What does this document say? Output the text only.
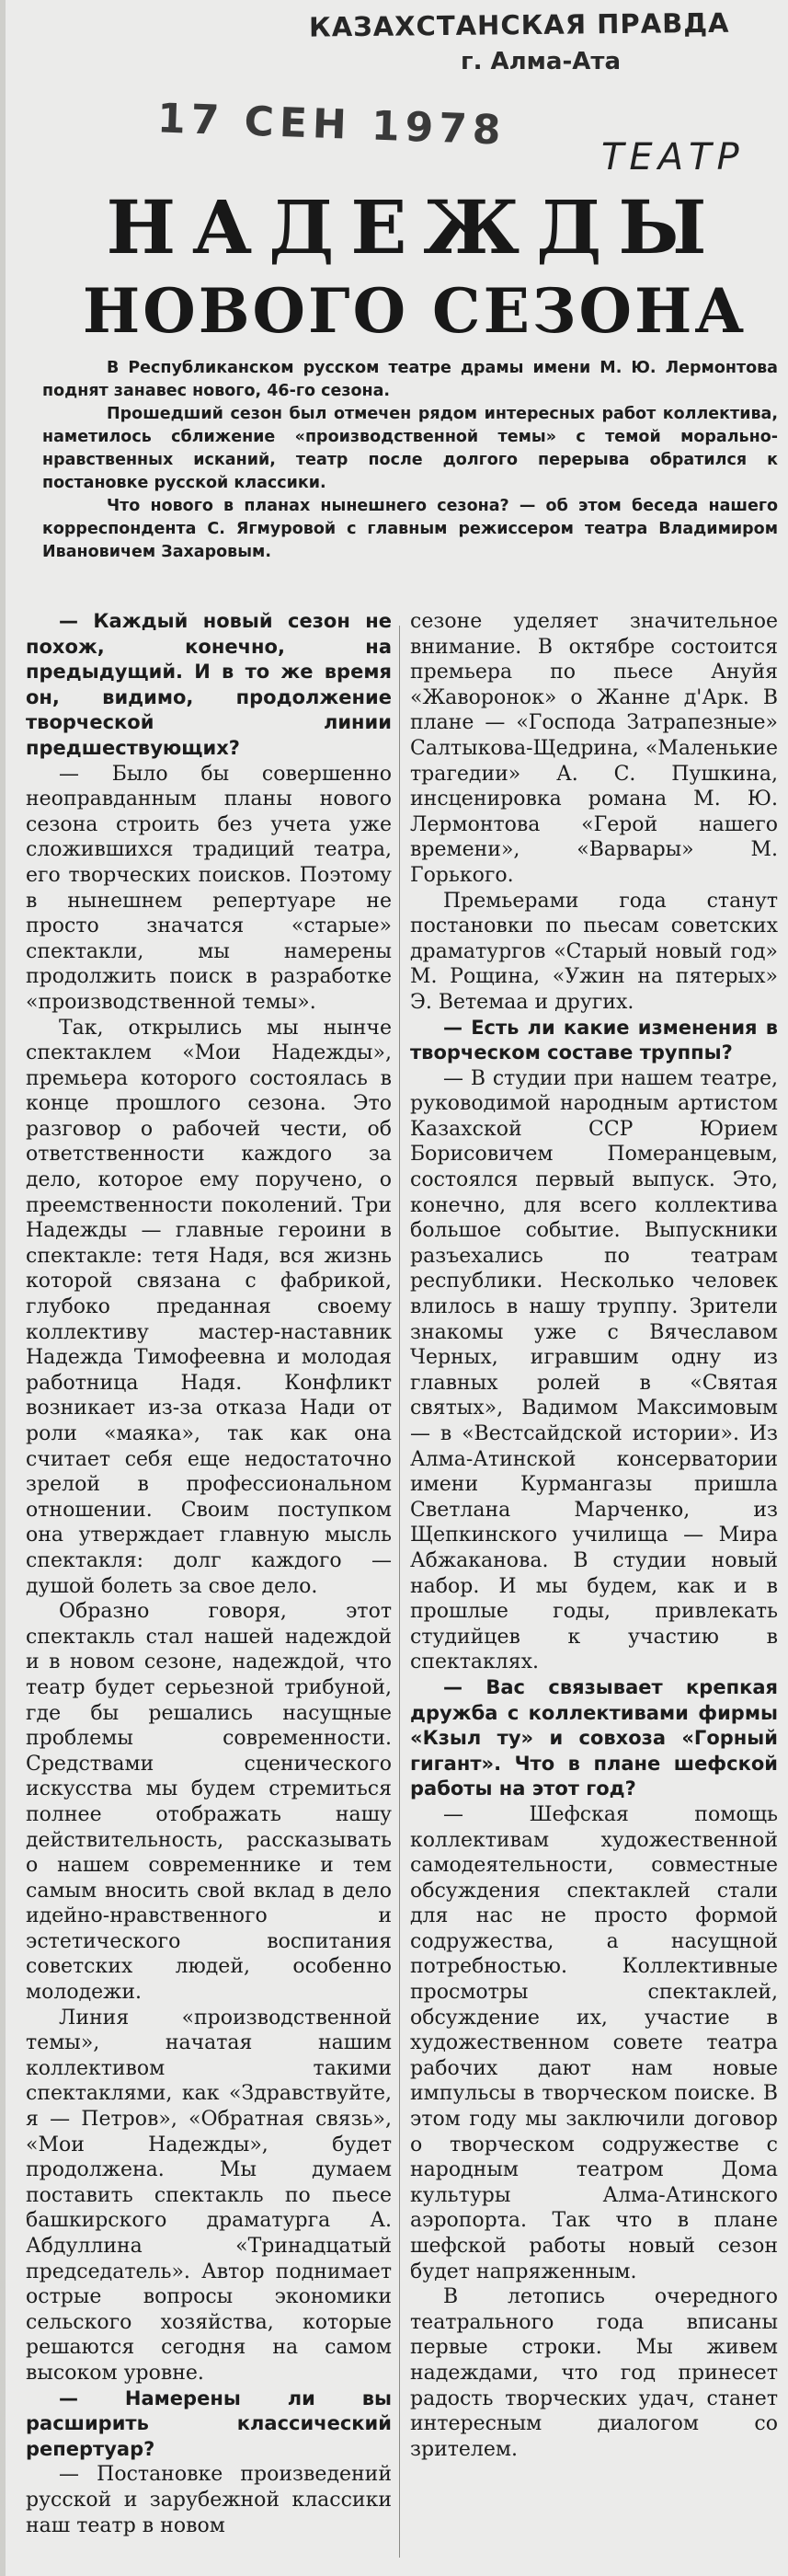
КАЗАХСТАНСКАЯ ПРАВДА
г. Алма-Ата
17 СЕН 1978
ТЕАТР
НАДЕЖДЫ
НОВОГО СЕЗОНА

В Республиканском русском театре драмы имени М. Ю. Лермонтова поднят занавес нового, 46-го сезона.

Прошедший сезон был отмечен рядом интересных работ коллектива, наметилось сближение «производственной темы» с темой морально-нравственных исканий, театр после долгого перерыва обратился к постановке русской классики.

Что нового в планах нынешнего сезона? — об этом беседа нашего корреспондента С. Ягмуровой с главным режиссером театра Владимиром Ивановичем Захаровым.

— Каждый новый сезон не похож, конечно, на предыдущий. И в то же время он, видимо, продолжение творческой линии предшествующих?

— Было бы совершенно неоправданным планы нового сезона строить без учета уже сложившихся традиций театра, его творческих поисков. Поэтому в нынешнем репертуаре не просто значатся «старые» спектакли, мы намерены продолжить поиск в разработке «производственной темы».

Так, открылись мы нынче спектаклем «Мои Надежды», премьера которого состоялась в конце прошлого сезона. Это разговор о рабочей чести, об ответственности каждого за дело, которое ему поручено, о преемственности поколений. Три Надежды — главные героини в спектакле: тетя Надя, вся жизнь которой связана с фабрикой, глубоко преданная своему коллективу мастер-наставник Надежда Тимофеевна и молодая работница Надя. Конфликт возникает из-за отказа Нади от роли «маяка», так как она считает себя еще недостаточно зрелой в профессиональном отношении. Своим поступком она утверждает главную мысль спектакля: долг каждого — душой болеть за свое дело.

Образно говоря, этот спектакль стал нашей надеждой и в новом сезоне, надеждой, что театр будет серьезной трибуной, где бы решались насущные проблемы современности. Средствами сценического искусства мы будем стремиться полнее отображать нашу действительность, рассказывать о нашем современнике и тем самым вносить свой вклад в дело идейно-нравственного и эстетического воспитания советских людей, особенно молодежи.

Линия «производственной темы», начатая нашим коллективом такими спектаклями, как «Здравствуйте, я — Петров», «Обратная связь», «Мои Надежды», будет продолжена. Мы думаем поставить спектакль по пьесе башкирского драматурга А. Абдуллина «Тринадцатый председатель». Автор поднимает острые вопросы экономики сельского хозяйства, которые решаются сегодня на самом высоком уровне.

— Намерены ли вы расширить классический репертуар?

— Постановке произведений русской и зарубежной классики наш театр в новом

сезоне уделяет значительное внимание. В октябре состоится премьера по пьесе Ануйя «Жаворонок» о Жанне д'Арк. В плане — «Господа Затрапезные» Салтыкова-Щедрина, «Маленькие трагедии» А. С. Пушкина, инсценировка романа М. Ю. Лермонтова «Герой нашего времени», «Варвары» М. Горького.

Премьерами года станут постановки по пьесам советских драматургов «Старый новый год» М. Рощина, «Ужин на пятерых» Э. Ветемаа и других.

— Есть ли какие изменения в творческом составе труппы?

— В студии при нашем театре, руководимой народным артистом Казахской ССР Юрием Борисовичем Померанцевым, состоялся первый выпуск. Это, конечно, для всего коллектива большое событие. Выпускники разъехались по театрам республики. Несколько человек влилось в нашу труппу. Зрители знакомы уже с Вячеславом Черных, игравшим одну из главных ролей в «Святая святых», Вадимом Максимовым — в «Вестсайдской истории». Из Алма-Атинской консерватории имени Курмангазы пришла Светлана Марченко, из Щепкинского училища — Мира Абжаканова. В студии новый набор. И мы будем, как и в прошлые годы, привлекать студийцев к участию в спектаклях.

— Вас связывает крепкая дружба с коллективами фирмы «Кзыл ту» и совхоза «Горный гигант». Что в плане шефской работы на этот год?

— Шефская помощь коллективам художественной самодеятельности, совместные обсуждения спектаклей стали для нас не просто формой содружества, а насущной потребностью. Коллективные просмотры спектаклей, обсуждение их, участие в художественном совете театра рабочих дают нам новые импульсы в творческом поиске. В этом году мы заключили договор о творческом содружестве с народным театром Дома культуры Алма-Атинского аэропорта. Так что в плане шефской работы новый сезон будет напряженным.

В летопись очередного театрального года вписаны первые строки. Мы живем надеждами, что год принесет радость творческих удач, станет интересным диалогом со зрителем.
